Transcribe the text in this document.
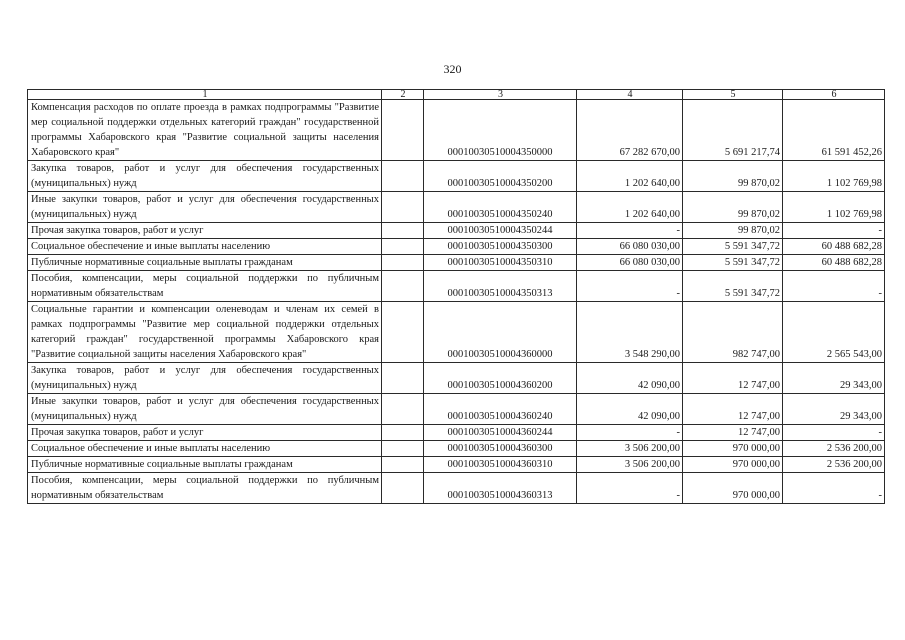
320
1	2	3	4	5	6
Компенсация расходов по оплате проезда в рамках подпрограммы "Развитие мер социальной поддержки отдельных категорий граждан" государственной программы Хабаровского края "Развитие социальной защиты населения Хабаровского края"		00010030510004350000	67 282 670,00	5 691 217,74	61 591 452,26
Закупка товаров, работ и услуг для обеспечения государственных (муниципальных) нужд		00010030510004350200	1 202 640,00	99 870,02	1 102 769,98
Иные закупки товаров, работ и услуг для обеспечения государственных (муниципальных) нужд		00010030510004350240	1 202 640,00	99 870,02	1 102 769,98
Прочая закупка товаров, работ и услуг		00010030510004350244	-	99 870,02	-
Социальное обеспечение и иные выплаты населению		00010030510004350300	66 080 030,00	5 591 347,72	60 488 682,28
Публичные нормативные социальные выплаты гражданам		00010030510004350310	66 080 030,00	5 591 347,72	60 488 682,28
Пособия, компенсации, меры социальной поддержки по публичным нормативным обязательствам		00010030510004350313	-	5 591 347,72	-
Социальные гарантии и компенсации оленеводам и членам их семей в рамках подпрограммы "Развитие мер социальной поддержки отдельных категорий граждан" государственной программы Хабаровского края "Развитие социальной защиты населения Хабаровского края"		00010030510004360000	3 548 290,00	982 747,00	2 565 543,00
Закупка товаров, работ и услуг для обеспечения государственных (муниципальных) нужд		00010030510004360200	42 090,00	12 747,00	29 343,00
Иные закупки товаров, работ и услуг для обеспечения государственных (муниципальных) нужд		00010030510004360240	42 090,00	12 747,00	29 343,00
Прочая закупка товаров, работ и услуг		00010030510004360244	-	12 747,00	-
Социальное обеспечение и иные выплаты населению		00010030510004360300	3 506 200,00	970 000,00	2 536 200,00
Публичные нормативные социальные выплаты гражданам		00010030510004360310	3 506 200,00	970 000,00	2 536 200,00
Пособия, компенсации, меры социальной поддержки по публичным нормативным обязательствам		00010030510004360313	-	970 000,00	-
